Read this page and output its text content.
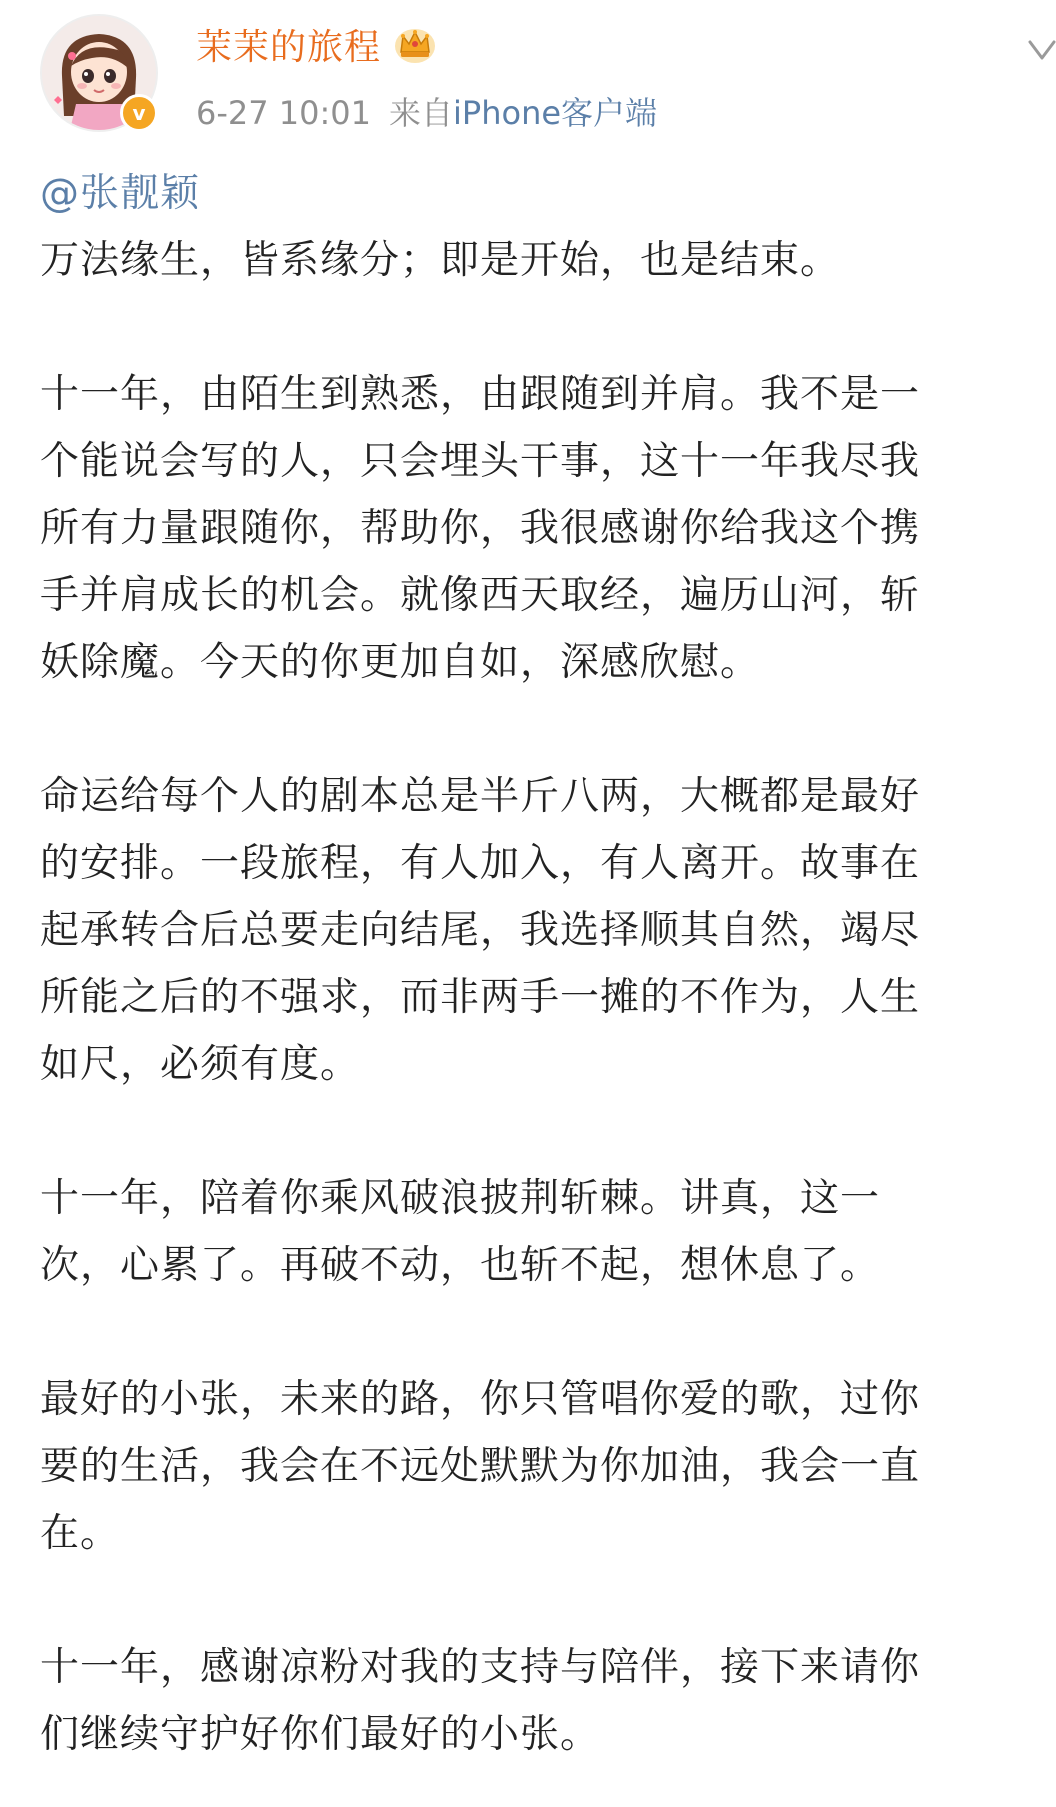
v
茉茉的旅程
6-27 10:01 来自iPhone客户端
@张靓颖

万法缘生，皆系缘分；即是开始，也是结束。

十一年，由陌生到熟悉，由跟随到并肩。我不是一
个能说会写的人，只会埋头干事，这十一年我尽我
所有力量跟随你，帮助你，我很感谢你给我这个携
手并肩成长的机会。就像西天取经，遍历山河，斩
妖除魔。今天的你更加自如，深感欣慰。

命运给每个人的剧本总是半斤八两，大概都是最好
的安排。一段旅程，有人加入，有人离开。故事在
起承转合后总要走向结尾，我选择顺其自然，竭尽
所能之后的不强求，而非两手一摊的不作为，人生
如尺，必须有度。

十一年，陪着你乘风破浪披荆斩棘。讲真，这一
次，心累了。再破不动，也斩不起，想休息了。

最好的小张，未来的路，你只管唱你爱的歌，过你
要的生活，我会在不远处默默为你加油，我会一直
在。

十一年，感谢凉粉对我的支持与陪伴，接下来请你
们继续守护好你们最好的小张。
